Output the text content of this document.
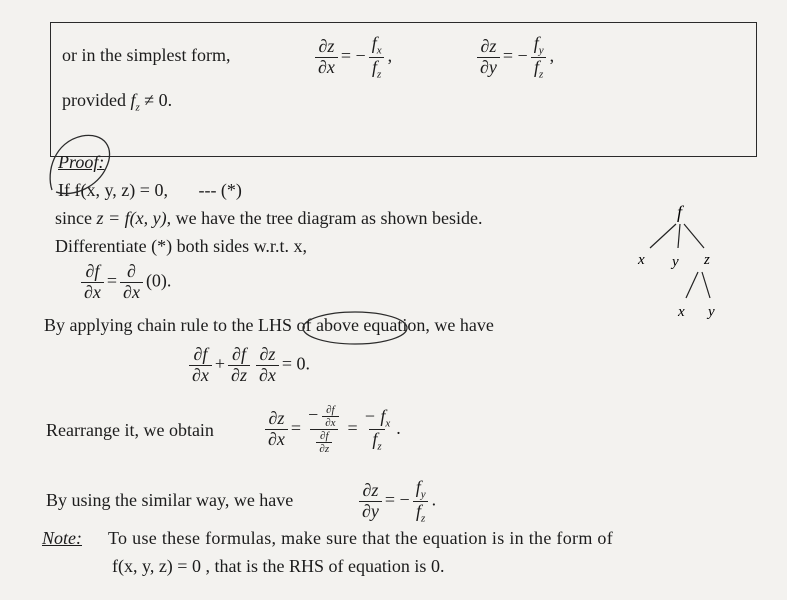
or in the simplest form,	$\frac{\partial z}{\partial x}$ = − $\frac{f_x}{f_z}$ ,	$\frac{\partial z}{\partial y}$ = − $\frac{f_y}{f_z}$ ,
provided $f_z \ne 0$.
Proof:
If f(x, y, z) = 0, --- (*)
since z = f(x, y), we have the tree diagram as shown beside.
Differentiate (*) both sides w.r.t. x,
$\frac{\partial f}{\partial x} = \frac{\partial}{\partial x} (0)$.
By applying chain rule to the LHS of above equation, we have
$\frac{\partial f}{\partial x} + \frac{\partial f}{\partial z} \frac{\partial z}{\partial x} = 0$.
Rearrange it, we obtain	$\frac{\partial z}{\partial x} = \frac{- \frac{\partial f}{\partial x}}{\frac{\partial f}{\partial z}} = \frac{- f_x}{f_z}$ .
By using the similar way, we have	$\frac{\partial z}{\partial y}$ = − $\frac{f_y}{f_z}$ .
Note: To use these formulas, make sure that the equation is in the form of
f(x, y, z) = 0 , that is the RHS of equation is 0.
f
x y z
x y
